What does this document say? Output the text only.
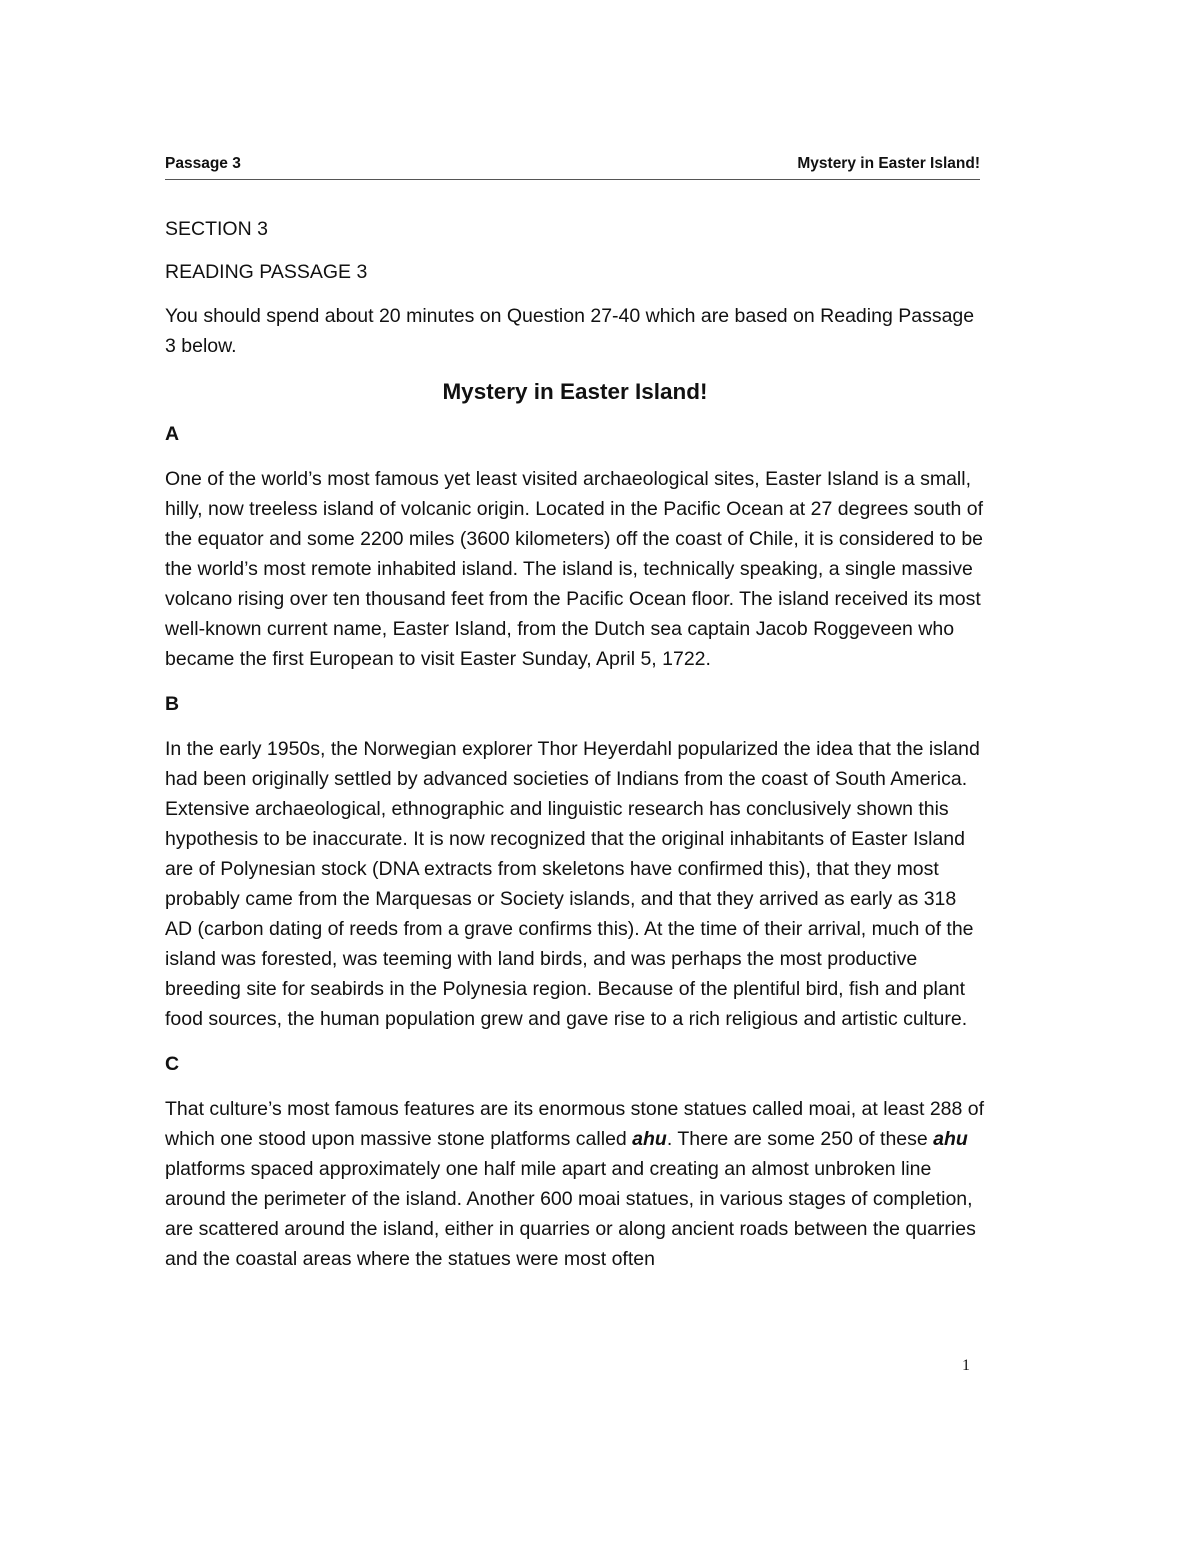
Passage 3	Mystery in Easter Island!

SECTION 3

READING PASSAGE 3

You should spend about 20 minutes on Question 27-40 which are based on Reading Passage 3 below.

Mystery in Easter Island!

A

One of the world’s most famous yet least visited archaeological sites, Easter Island is a small, hilly, now treeless island of volcanic origin. Located in the Pacific Ocean at 27 degrees south of the equator and some 2200 miles (3600 kilometers) off the coast of Chile, it is considered to be the world’s most remote inhabited island. The island is, technically speaking, a single massive volcano rising over ten thousand feet from the Pacific Ocean floor. The island received its most well-known current name, Easter Island, from the Dutch sea captain Jacob Roggeveen who became the first European to visit Easter Sunday, April 5, 1722.

B

In the early 1950s, the Norwegian explorer Thor Heyerdahl popularized the idea that the island had been originally settled by advanced societies of Indians from the coast of South America. Extensive archaeological, ethnographic and linguistic research has conclusively shown this hypothesis to be inaccurate. It is now recognized that the original inhabitants of Easter Island are of Polynesian stock (DNA extracts from skeletons have confirmed this), that they most probably came from the Marquesas or Society islands, and that they arrived as early as 318 AD (carbon dating of reeds from a grave confirms this). At the time of their arrival, much of the island was forested, was teeming with land birds, and was perhaps the most productive breeding site for seabirds in the Polynesia region. Because of the plentiful bird, fish and plant food sources, the human population grew and gave rise to a rich religious and artistic culture.

C

That culture’s most famous features are its enormous stone statues called moai, at least 288 of which one stood upon massive stone platforms called ahu. There are some 250 of these ahu platforms spaced approximately one half mile apart and creating an almost unbroken line around the perimeter of the island. Another 600 moai statues, in various stages of completion, are scattered around the island, either in quarries or along ancient roads between the quarries and the coastal areas where the statues were most often

1
